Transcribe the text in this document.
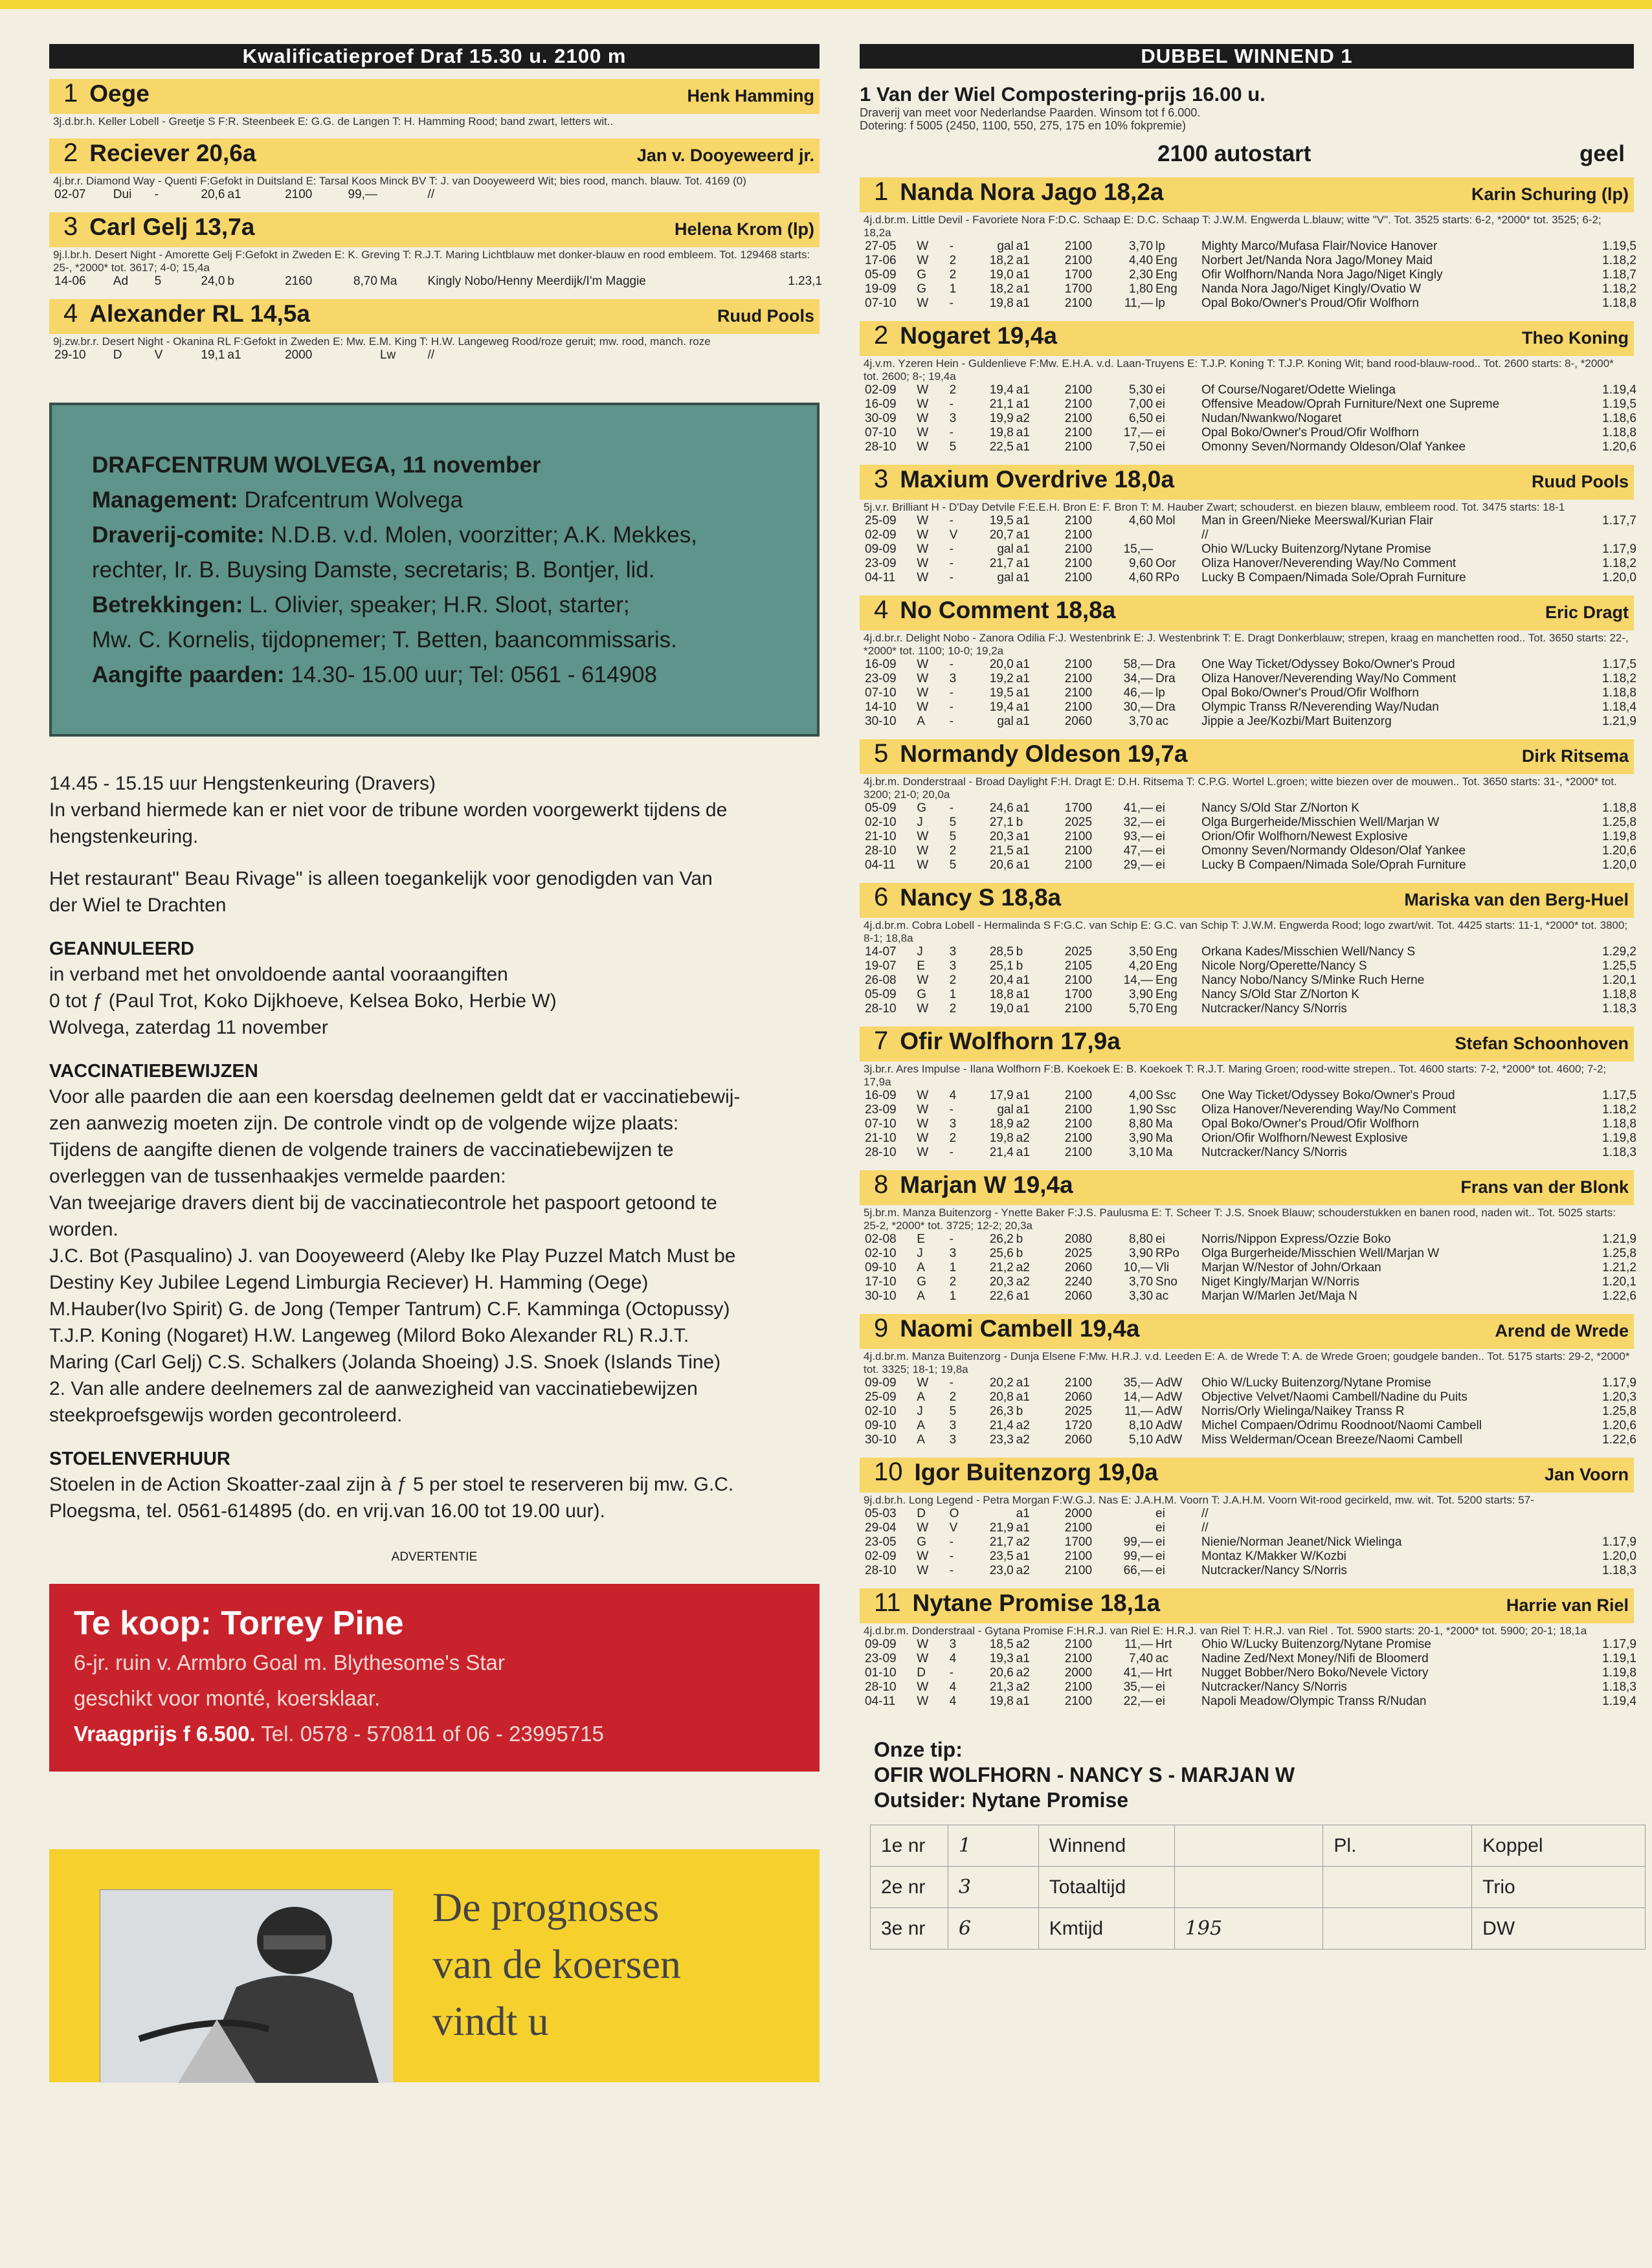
Kwalificatieproef Draf 15.30 u. 2100 m
1 Oege	Henk Hamming
3j.d.br.h. Keller Lobell - Greetje S F:R. Steenbeek E: G.G. de Langen T: H. Hamming Rood; band zwart, letters wit..
2 Reciever 20,6a	Jan v. Dooyeweerd jr.
4j.br.r. Diamond Way - Quenti F:Gefokt in Duitsland E: Tarsal Koos Minck BV T: J. van Dooyeweerd Wit; bies rood, manch. blauw. Tot. 4169 (0)
02-07	Dui	-	20,6	a1	2100	99,—		//	
3 Carl Gelj 13,7a	Helena Krom (lp)
9j.l.br.h. Desert Night - Amorette Gelj F:Gefokt in Zweden E: K. Greving T: R.J.T. Maring Lichtblauw met donker-blauw en rood embleem. Tot. 129468 starts: 25-, *2000* tot. 3617; 4-0; 15,4a
14-06	Ad	5	24,0	b	2160	8,70	Ma	Kingly Nobo/Henny Meerdijk/I'm Maggie	1.23,1
4 Alexander RL 14,5a	Ruud Pools
9j.zw.br.r. Desert Night - Okanina RL F:Gefokt in Zweden E: Mw. E.M. King T: H.W. Langeweg Rood/roze geruit; mw. rood, manch. roze
29-10	D	V	19,1	a1	2000		Lw	//	
DRAFCENTRUM WOLVEGA, 11 november
Management: Drafcentrum Wolvega
Draverij-comite: N.D.B. v.d. Molen, voorzitter; A.K. Mekkes,
rechter, Ir. B. Buysing Damste, secretaris; B. Bontjer, lid.
Betrekkingen: L. Olivier, speaker; H.R. Sloot, starter;
Mw. C. Kornelis, tijdopnemer; T. Betten, baancommissaris.
Aangifte paarden: 14.30- 15.00 uur; Tel: 0561 - 614908
14.45 - 15.15 uur Hengstenkeuring (Dravers)
In verband hiermede kan er niet voor de tribune worden voorgewerkt tijdens de
hengstenkeuring.
Het restaurant" Beau Rivage" is alleen toegankelijk voor genodigden van Van
der Wiel te Drachten
GEANNULEERD
in verband met het onvoldoende aantal vooraangiften
0 tot ƒ (Paul Trot, Koko Dijkhoeve, Kelsea Boko, Herbie W)
Wolvega, zaterdag 11 november
VACCINATIEBEWIJZEN
Voor alle paarden die aan een koersdag deelnemen geldt dat er vaccinatiebewij-
zen aanwezig moeten zijn. De controle vindt op de volgende wijze plaats:
Tijdens de aangifte dienen de volgende trainers de vaccinatiebewijzen te
overleggen van de tussenhaakjes vermelde paarden:
Van tweejarige dravers dient bij de vaccinatiecontrole het paspoort getoond te
worden.
J.C. Bot (Pasqualino) J. van Dooyeweerd (Aleby Ike Play Puzzel Match Must be
Destiny Key Jubilee Legend Limburgia Reciever) H. Hamming (Oege)
M.Hauber(Ivo Spirit) G. de Jong (Temper Tantrum) C.F. Kamminga (Octopussy)
T.J.P. Koning (Nogaret) H.W. Langeweg (Milord Boko Alexander RL) R.J.T.
Maring (Carl Gelj) C.S. Schalkers (Jolanda Shoeing) J.S. Snoek (Islands Tine)
2. Van alle andere deelnemers zal de aanwezigheid van vaccinatiebewijzen
steekproefsgewijs worden gecontroleerd.
STOELENVERHUUR
Stoelen in de Action Skoatter-zaal zijn à ƒ 5 per stoel te reserveren bij mw. G.C.
Ploegsma, tel. 0561-614895 (do. en vrij.van 16.00 tot 19.00 uur).
ADVERTENTIE
Te koop: Torrey Pine
6-jr. ruin v. Armbro Goal m. Blythesome's Star
geschikt voor monté, koersklaar.
Vraagprijs f 6.500. Tel. 0578 - 570811 of 06 - 23995715
De prognoses
van de koersen
vindt u
DUBBEL WINNEND 1
1 Van der Wiel Compostering-prijs 16.00 u.
Draverij van meet voor Nederlandse Paarden. Winsom tot f 6.000.
Dotering: f 5005 (2450, 1100, 550, 275, 175 en 10% fokpremie)
2100 autostart	geel
1 Nanda Nora Jago 18,2a	Karin Schuring (lp)
4j.d.br.m. Little Devil - Favoriete Nora F:D.C. Schaap E: D.C. Schaap T: J.W.M. Engwerda L.blauw; witte "V". Tot. 3525 starts: 6-2, *2000* tot. 3525; 6-2; 18,2a
27-05	W	-	gal	a1	2100	3,70	lp	Mighty Marco/Mufasa Flair/Novice Hanover	1.19,5
17-06	W	2	18,2	a1	2100	4,40	Eng	Norbert Jet/Nanda Nora Jago/Money Maid	1.18,2
05-09	G	2	19,0	a1	1700	2,30	Eng	Ofir Wolfhorn/Nanda Nora Jago/Niget Kingly	1.18,7
19-09	G	1	18,2	a1	1700	1,80	Eng	Nanda Nora Jago/Niget Kingly/Ovatio W	1.18,2
07-10	W	-	19,8	a1	2100	11,—	lp	Opal Boko/Owner's Proud/Ofir Wolfhorn	1.18,8
2 Nogaret 19,4a	Theo Koning
4j.v.m. Yzeren Hein - Guldenlieve F:Mw. E.H.A. v.d. Laan-Truyens E: T.J.P. Koning T: T.J.P. Koning Wit; band rood-blauw-rood.. Tot. 2600 starts: 8-, *2000* tot. 2600; 8-; 19,4a
02-09	W	2	19,4	a1	2100	5,30	ei	Of Course/Nogaret/Odette Wielinga	1.19,4
16-09	W	-	21,1	a1	2100	7,00	ei	Offensive Meadow/Oprah Furniture/Next one Supreme	1.19,5
30-09	W	3	19,9	a2	2100	6,50	ei	Nudan/Nwankwo/Nogaret	1.18,6
07-10	W	-	19,8	a1	2100	17,—	ei	Opal Boko/Owner's Proud/Ofir Wolfhorn	1.18,8
28-10	W	5	22,5	a1	2100	7,50	ei	Omonny Seven/Normandy Oldeson/Olaf Yankee	1.20,6
3 Maxium Overdrive 18,0a	Ruud Pools
5j.v.r. Brilliant H - D'Day Detvile F:E.E.H. Bron E: F. Bron T: M. Hauber Zwart; schouderst. en biezen blauw, embleem rood. Tot. 3475 starts: 18-1
25-09	W	-	19,5	a1	2100	4,60	Mol	Man in Green/Nieke Meerswal/Kurian Flair	1.17,7
02-09	W	V	20,7	a1	2100			//	
09-09	W	-	gal	a1	2100	15,—		Ohio W/Lucky Buitenzorg/Nytane Promise	1.17,9
23-09	W	-	21,7	a1	2100	9,60	Oor	Oliza Hanover/Neverending Way/No Comment	1.18,2
04-11	W	-	gal	a1	2100	4,60	RPo	Lucky B Compaen/Nimada Sole/Oprah Furniture	1.20,0
4 No Comment 18,8a	Eric Dragt
4j.d.br.r. Delight Nobo - Zanora Odilia F:J. Westenbrink E: J. Westenbrink T: E. Dragt Donkerblauw; strepen, kraag en manchetten rood.. Tot. 3650 starts: 22-, *2000* tot. 1100; 10-0; 19,2a
16-09	W	-	20,0	a1	2100	58,—	Dra	One Way Ticket/Odyssey Boko/Owner's Proud	1.17,5
23-09	W	3	19,2	a1	2100	34,—	Dra	Oliza Hanover/Neverending Way/No Comment	1.18,2
07-10	W	-	19,5	a1	2100	46,—	lp	Opal Boko/Owner's Proud/Ofir Wolfhorn	1.18,8
14-10	W	-	19,4	a1	2100	30,—	Dra	Olympic Transs R/Neverending Way/Nudan	1.18,4
30-10	A	-	gal	a1	2060	3,70	ac	Jippie a Jee/Kozbi/Mart Buitenzorg	1.21,9
5 Normandy Oldeson 19,7a	Dirk Ritsema
4j.br.m. Donderstraal - Broad Daylight F:H. Dragt E: D.H. Ritsema T: C.P.G. Wortel L.groen; witte biezen over de mouwen.. Tot. 3650 starts: 31-, *2000* tot. 3200; 21-0; 20,0a
05-09	G	-	24,6	a1	1700	41,—	ei	Nancy S/Old Star Z/Norton K	1.18,8
02-10	J	5	27,1	b	2025	32,—	ei	Olga Burgerheide/Misschien Well/Marjan W	1.25,8
21-10	W	5	20,3	a1	2100	93,—	ei	Orion/Ofir Wolfhorn/Newest Explosive	1.19,8
28-10	W	2	21,5	a1	2100	47,—	ei	Omonny Seven/Normandy Oldeson/Olaf Yankee	1.20,6
04-11	W	5	20,6	a1	2100	29,—	ei	Lucky B Compaen/Nimada Sole/Oprah Furniture	1.20,0
6 Nancy S 18,8a	Mariska van den Berg-Huel
4j.d.br.m. Cobra Lobell - Hermalinda S F:G.C. van Schip E: G.C. van Schip T: J.W.M. Engwerda Rood; logo zwart/wit. Tot. 4425 starts: 11-1, *2000* tot. 3800; 8-1; 18,8a
14-07	J	3	28,5	b	2025	3,50	Eng	Orkana Kades/Misschien Well/Nancy S	1.29,2
19-07	E	3	25,1	b	2105	4,20	Eng	Nicole Norg/Operette/Nancy S	1.25,5
26-08	W	2	20,4	a1	2100	14,—	Eng	Nancy Nobo/Nancy S/Minke Ruch Herne	1.20,1
05-09	G	1	18,8	a1	1700	3,90	Eng	Nancy S/Old Star Z/Norton K	1.18,8
28-10	W	2	19,0	a1	2100	5,70	Eng	Nutcracker/Nancy S/Norris	1.18,3
7 Ofir Wolfhorn 17,9a	Stefan Schoonhoven
3j.br.r. Ares Impulse - Ilana Wolfhorn F:B. Koekoek E: B. Koekoek T: R.J.T. Maring Groen; rood-witte strepen.. Tot. 4600 starts: 7-2, *2000* tot. 4600; 7-2; 17,9a
16-09	W	4	17,9	a1	2100	4,00	Ssc	One Way Ticket/Odyssey Boko/Owner's Proud	1.17,5
23-09	W	-	gal	a1	2100	1,90	Ssc	Oliza Hanover/Neverending Way/No Comment	1.18,2
07-10	W	3	18,9	a2	2100	8,80	Ma	Opal Boko/Owner's Proud/Ofir Wolfhorn	1.18,8
21-10	W	2	19,8	a2	2100	3,90	Ma	Orion/Ofir Wolfhorn/Newest Explosive	1.19,8
28-10	W	-	21,4	a1	2100	3,10	Ma	Nutcracker/Nancy S/Norris	1.18,3
8 Marjan W 19,4a	Frans van der Blonk
5j.br.m. Manza Buitenzorg - Ynette Baker F:J.S. Paulusma E: T. Scheer T: J.S. Snoek Blauw; schouderstukken en banen rood, naden wit.. Tot. 5025 starts: 25-2, *2000* tot. 3725; 12-2; 20,3a
02-08	E	-	26,2	b	2080	8,80	ei	Norris/Nippon Express/Ozzie Boko	1.21,9
02-10	J	3	25,6	b	2025	3,90	RPo	Olga Burgerheide/Misschien Well/Marjan W	1.25,8
09-10	A	1	21,2	a2	2060	10,—	Vli	Marjan W/Nestor of John/Orkaan	1.21,2
17-10	G	2	20,3	a2	2240	3,70	Sno	Niget Kingly/Marjan W/Norris	1.20,1
30-10	A	1	22,6	a1	2060	3,30	ac	Marjan W/Marlen Jet/Maja N	1.22,6
9 Naomi Cambell 19,4a	Arend de Wrede
4j.d.br.m. Manza Buitenzorg - Dunja Elsene F:Mw. H.R.J. v.d. Leeden E: A. de Wrede T: A. de Wrede Groen; goudgele banden.. Tot. 5175 starts: 29-2, *2000* tot. 3325; 18-1; 19,8a
09-09	W	-	20,2	a1	2100	35,—	AdW	Ohio W/Lucky Buitenzorg/Nytane Promise	1.17,9
25-09	A	2	20,8	a1	2060	14,—	AdW	Objective Velvet/Naomi Cambell/Nadine du Puits	1.20,3
02-10	J	5	26,3	b	2025	11,—	AdW	Norris/Orly Wielinga/Naikey Transs R	1.25,8
09-10	A	3	21,4	a2	1720	8,10	AdW	Michel Compaen/Odrimu Roodnoot/Naomi Cambell	1.20,6
30-10	A	3	23,3	a2	2060	5,10	AdW	Miss Welderman/Ocean Breeze/Naomi Cambell	1.22,6
10 Igor Buitenzorg 19,0a	Jan Voorn
9j.d.br.h. Long Legend - Petra Morgan F:W.G.J. Nas E: J.A.H.M. Voorn T: J.A.H.M. Voorn Wit-rood gecirkeld, mw. wit. Tot. 5200 starts: 57-
05-03	D	O		a1	2000		ei	//	
29-04	W	V	21,9	a1	2100		ei	//	
23-05	G	-	21,7	a2	1700	99,—	ei	Nienie/Norman Jeanet/Nick Wielinga	1.17,9
02-09	W	-	23,5	a1	2100	99,—	ei	Montaz K/Makker W/Kozbi	1.20,0
28-10	W	-	23,0	a2	2100	66,—	ei	Nutcracker/Nancy S/Norris	1.18,3
11 Nytane Promise 18,1a	Harrie van Riel
4j.d.br.m. Donderstraal - Gytana Promise F:H.R.J. van Riel E: H.R.J. van Riel T: H.R.J. van Riel . Tot. 5900 starts: 20-1, *2000* tot. 5900; 20-1; 18,1a
09-09	W	3	18,5	a2	2100	11,—	Hrt	Ohio W/Lucky Buitenzorg/Nytane Promise	1.17,9
23-09	W	4	19,3	a1	2100	7,40	ac	Nadine Zed/Next Money/Nifi de Bloomerd	1.19,1
01-10	D	-	20,6	a2	2000	41,—	Hrt	Nugget Bobber/Nero Boko/Nevele Victory	1.19,8
28-10	W	4	21,3	a2	2100	35,—	ei	Nutcracker/Nancy S/Norris	1.18,3
04-11	W	4	19,8	a1	2100	22,—	ei	Napoli Meadow/Olympic Transs R/Nudan	1.19,4
Onze tip:
OFIR WOLFHORN - NANCY S - MARJAN W
Outsider: Nytane Promise
1e nr	1	Winnend		Pl.	Koppel
2e nr	3	Totaaltijd			Trio
3e nr	6	Kmtijd	195		DW
